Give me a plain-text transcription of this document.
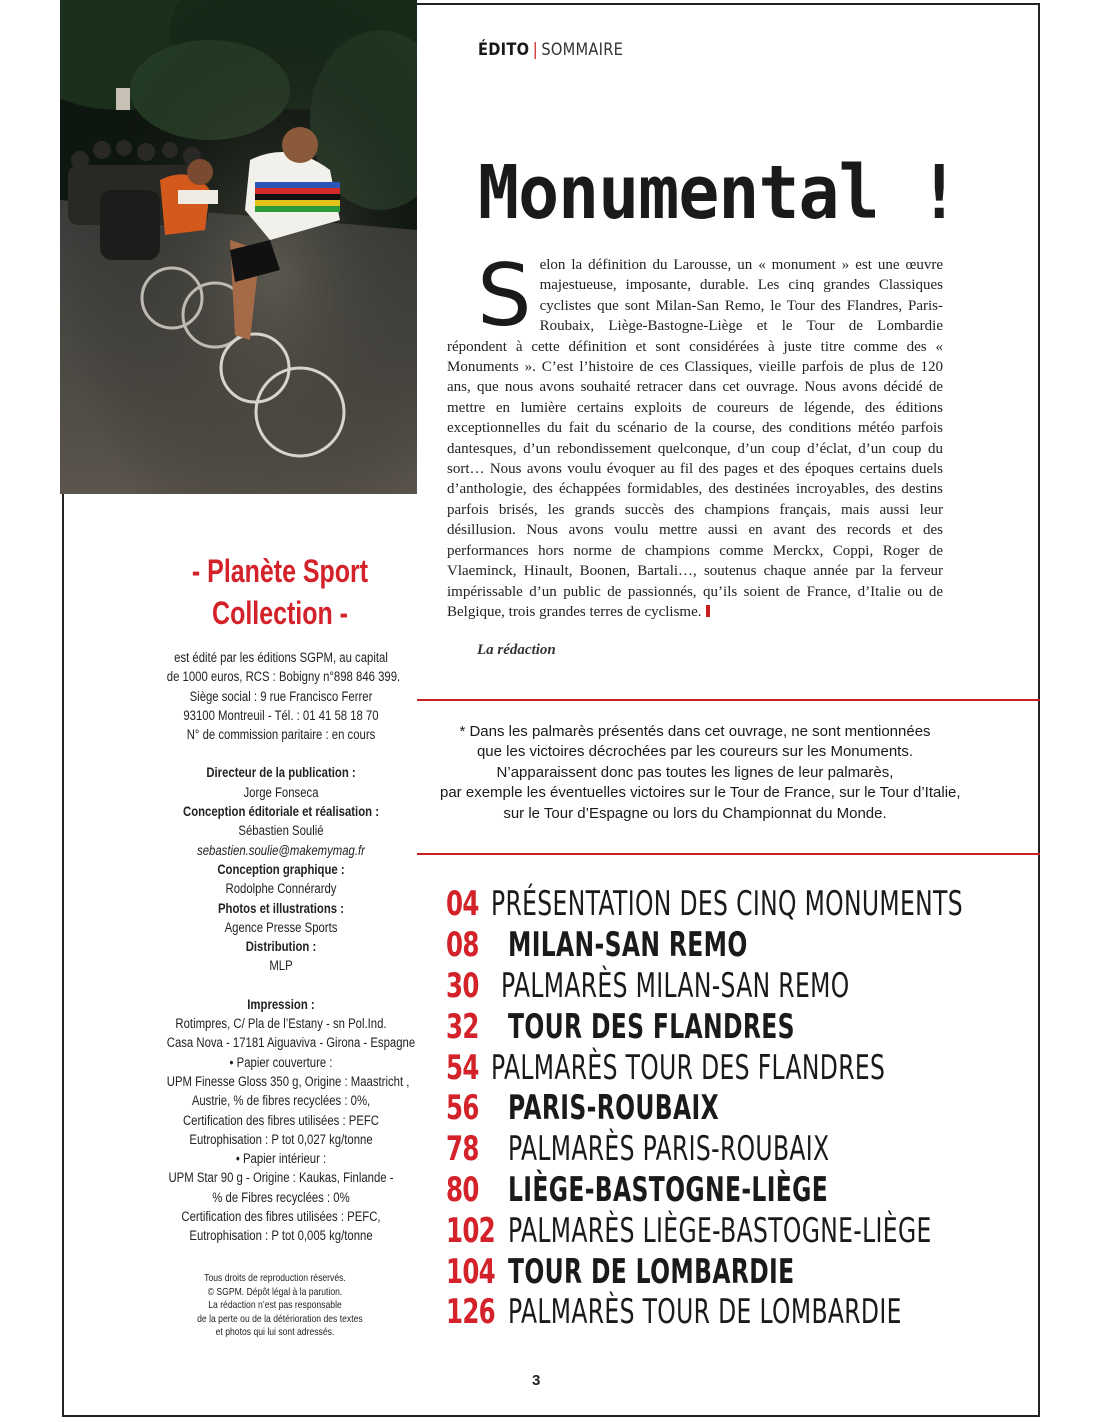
ÉDITO | SOMMAIRE
Monumental !
Selon la définition du Larousse, un « monument » est une œuvre majestueuse, imposante, durable. Les cinq grandes Classiques cyclistes que sont Milan-San Remo, le Tour des Flandres, Paris-Roubaix, Liège-Bastogne-Liège et le Tour de Lombardie répondent à cette définition et sont considérées à juste titre comme des « Monuments ». C’est l’histoire de ces Classiques, vieille parfois de plus de 120 ans, que nous avons souhaité retracer dans cet ouvrage. Nous avons décidé de mettre en lumière certains exploits de coureurs de légende, des éditions exceptionnelles du fait du scénario de la course, des conditions météo parfois dantesques, d’un rebondissement quelconque, d’un coup d’éclat, d’un coup du sort… Nous avons voulu évoquer au fil des pages et des époques certains duels d’anthologie, des échappées formidables, des destinées incroyables, des destins parfois brisés, les grands succès des champions français, mais aussi leur désillusion. Nous avons voulu mettre aussi en avant des records et des performances hors norme de champions comme Merckx, Coppi, Roger de Vlaeminck, Hinault, Boonen, Bartali…, soutenus chaque année par la ferveur impérissable d’un public de passionnés, qu’ils soient de France, d’Italie ou de Belgique, trois grandes terres de cyclisme.
La rédaction
* Dans les palmarès présentés dans cet ouvrage, ne sont mentionnées
que les victoires décrochées par les coureurs sur les Monuments.
N’apparaissent donc pas toutes les lignes de leur palmarès,
par exemple les éventuelles victoires sur le Tour de France, sur le Tour d’Italie,
sur le Tour d’Espagne ou lors du Championnat du Monde.
- Planète Sport
Collection -
est édité par les éditions SGPM, au capital
de 1000 euros, RCS : Bobigny n°898 846 399.
Siège social : 9 rue Francisco Ferrer
93100 Montreuil - Tél. : 01 41 58 18 70
N° de commission paritaire : en cours
Directeur de la publication :
Jorge Fonseca
Conception éditoriale et réalisation :
Sébastien Soulié
sebastien.soulie@makemymag.fr
Conception graphique :
Rodolphe Connérardy
Photos et illustrations :
Agence Presse Sports
Distribution :
MLP
Impression :
Rotimpres, C/ Pla de l’Estany - sn Pol.Ind.
Casa Nova - 17181 Aiguaviva - Girona - Espagne
• Papier couverture :
UPM Finesse Gloss 350 g, Origine : Maastricht ,
Austrie, % de fibres recyclées : 0%,
Certification des fibres utilisées : PEFC
Eutrophisation : P tot 0,027 kg/tonne
• Papier intérieur :
UPM Star 90 g - Origine : Kaukas, Finlande -
% de Fibres recyclées : 0%
Certification des fibres utilisées : PEFC,
Eutrophisation : P tot 0,005 kg/tonne
Tous droits de reproduction réservés.
© SGPM. Dépôt légal à la parution.
La rédaction n’est pas responsable
de la perte ou de la détérioration des textes
et photos qui lui sont adressés.
04 PRÉSENTATION DES CINQ MONUMENTS
08 MILAN-SAN REMO
30 PALMARÈS MILAN-SAN REMO
32 TOUR DES FLANDRES
54 PALMARÈS TOUR DES FLANDRES
56 PARIS-ROUBAIX
78 PALMARÈS PARIS-ROUBAIX
80 LIÈGE-BASTOGNE-LIÈGE
102 PALMARÈS LIÈGE-BASTOGNE-LIÈGE
104 TOUR DE LOMBARDIE
126 PALMARÈS TOUR DE LOMBARDIE
3
